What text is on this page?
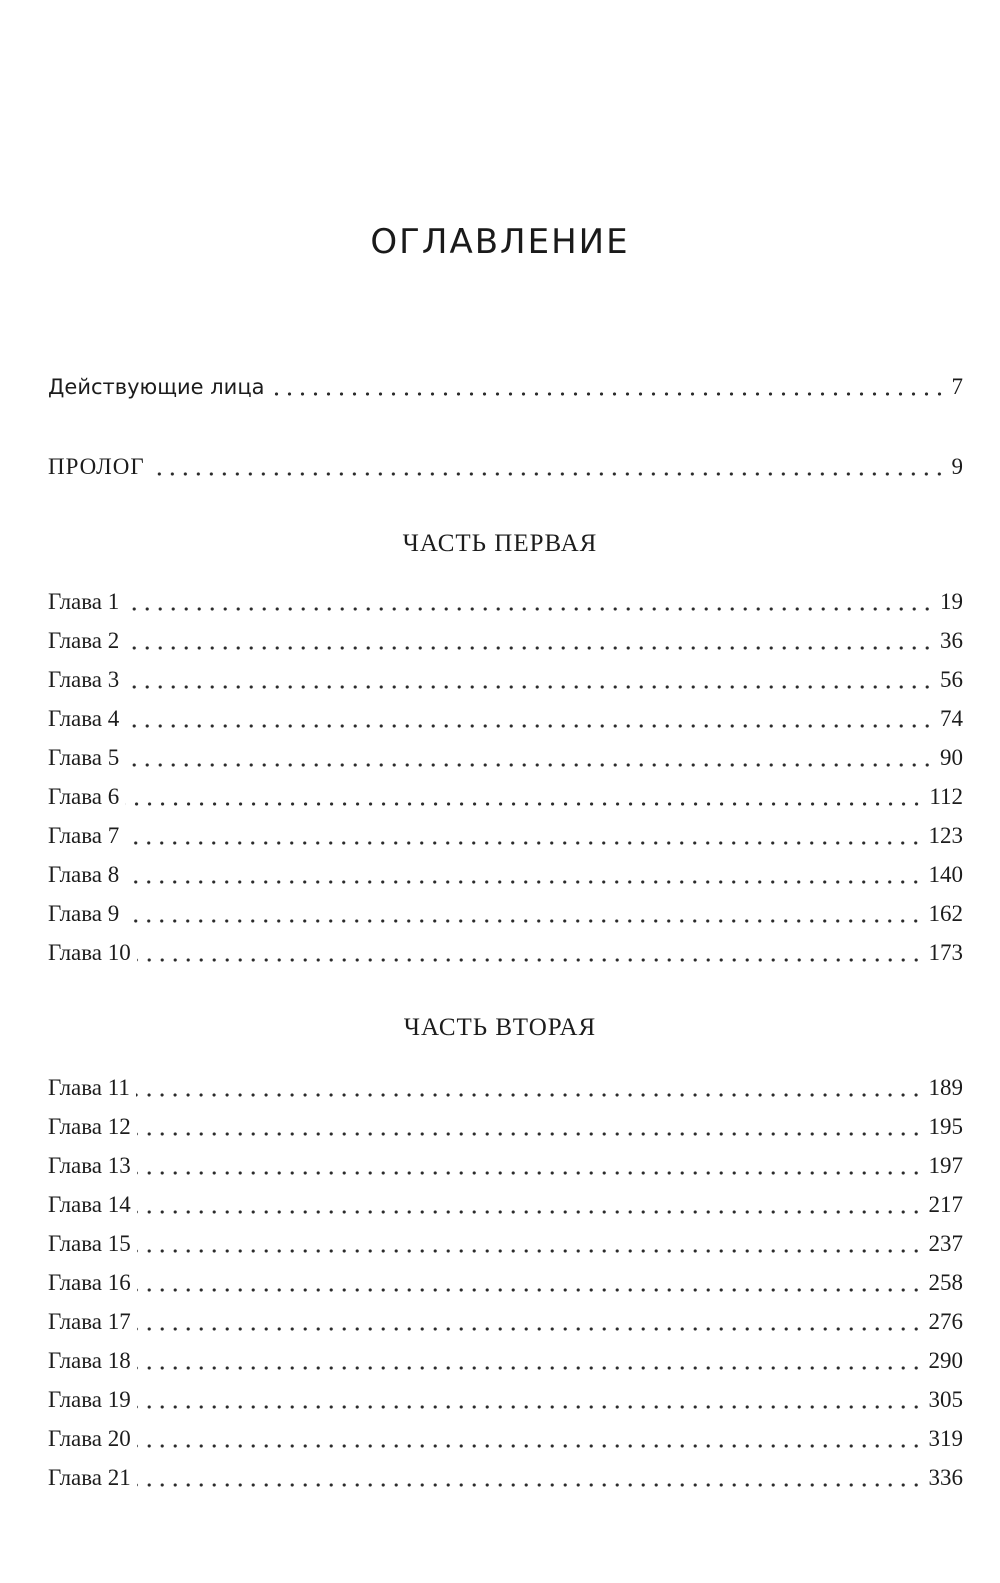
ОГЛАВЛЕНИЕ
Действующие лица	7
ПРОЛОГ	9
ЧАСТЬ ПЕРВАЯ
Глава 1	19
Глава 2	36
Глава 3	56
Глава 4	74
Глава 5	90
Глава 6	112
Глава 7	123
Глава 8	140
Глава 9	162
Глава 10	173
ЧАСТЬ ВТОРАЯ
Глава 11	189
Глава 12	195
Глава 13	197
Глава 14	217
Глава 15	237
Глава 16	258
Глава 17	276
Глава 18	290
Глава 19	305
Глава 20	319
Глава 21	336
